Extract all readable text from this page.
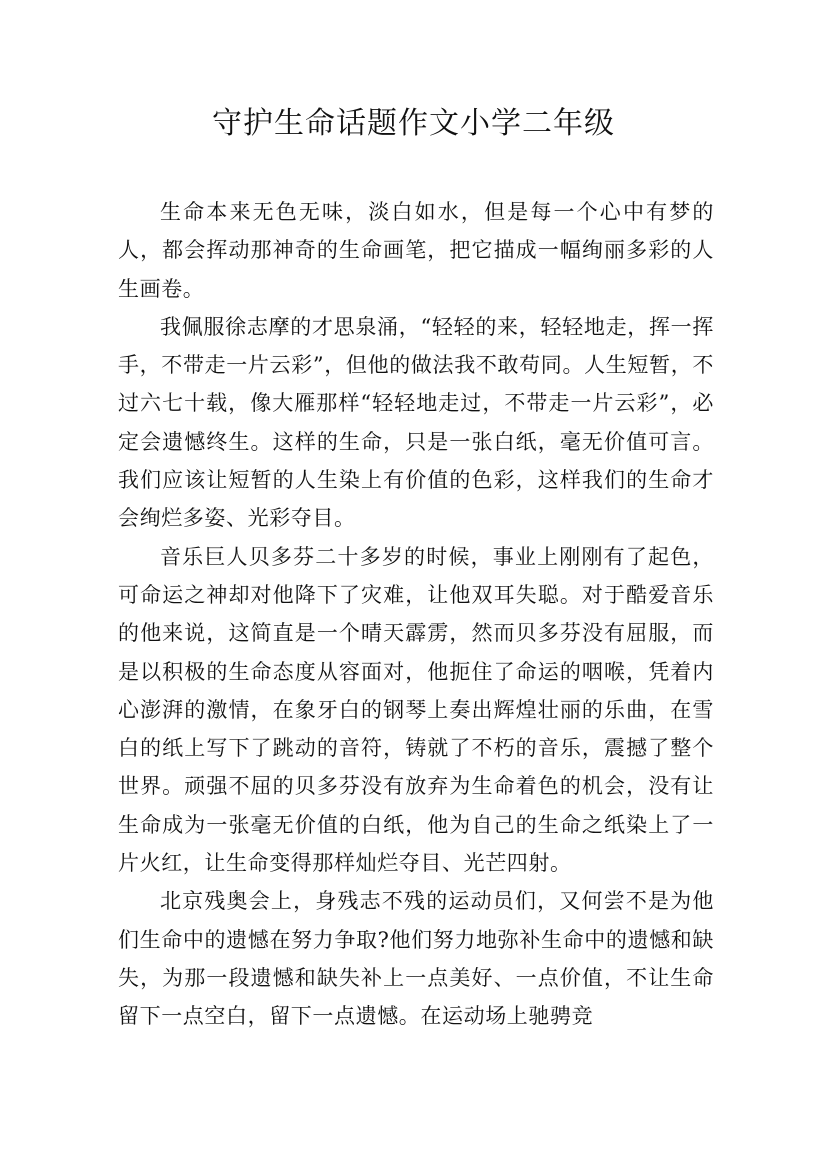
守护生命话题作文小学二年级

生命本来无色无味，淡白如水，但是每一个心中有梦的人，都会挥动那神奇的生命画笔，把它描成一幅绚丽多彩的人生画卷。

我佩服徐志摩的才思泉涌，“轻轻的来，轻轻地走，挥一挥手，不带走一片云彩”，但他的做法我不敢苟同。人生短暂，不过六七十载，像大雁那样“轻轻地走过，不带走一片云彩”，必定会遗憾终生。这样的生命，只是一张白纸，毫无价值可言。我们应该让短暂的人生染上有价值的色彩，这样我们的生命才会绚烂多姿、光彩夺目。

音乐巨人贝多芬二十多岁的时候，事业上刚刚有了起色，可命运之神却对他降下了灾难，让他双耳失聪。对于酷爱音乐的他来说，这简直是一个晴天霹雳，然而贝多芬没有屈服，而是以积极的生命态度从容面对，他扼住了命运的咽喉，凭着内心澎湃的激情，在象牙白的钢琴上奏出辉煌壮丽的乐曲，在雪白的纸上写下了跳动的音符，铸就了不朽的音乐，震撼了整个世界。顽强不屈的贝多芬没有放弃为生命着色的机会，没有让生命成为一张毫无价值的白纸，他为自己的生命之纸染上了一片火红，让生命变得那样灿烂夺目、光芒四射。

北京残奥会上，身残志不残的运动员们，又何尝不是为他们生命中的遗憾在努力争取?他们努力地弥补生命中的遗憾和缺失，为那一段遗憾和缺失补上一点美好、一点价值，不让生命留下一点空白，留下一点遗憾。在运动场上驰骋竞
